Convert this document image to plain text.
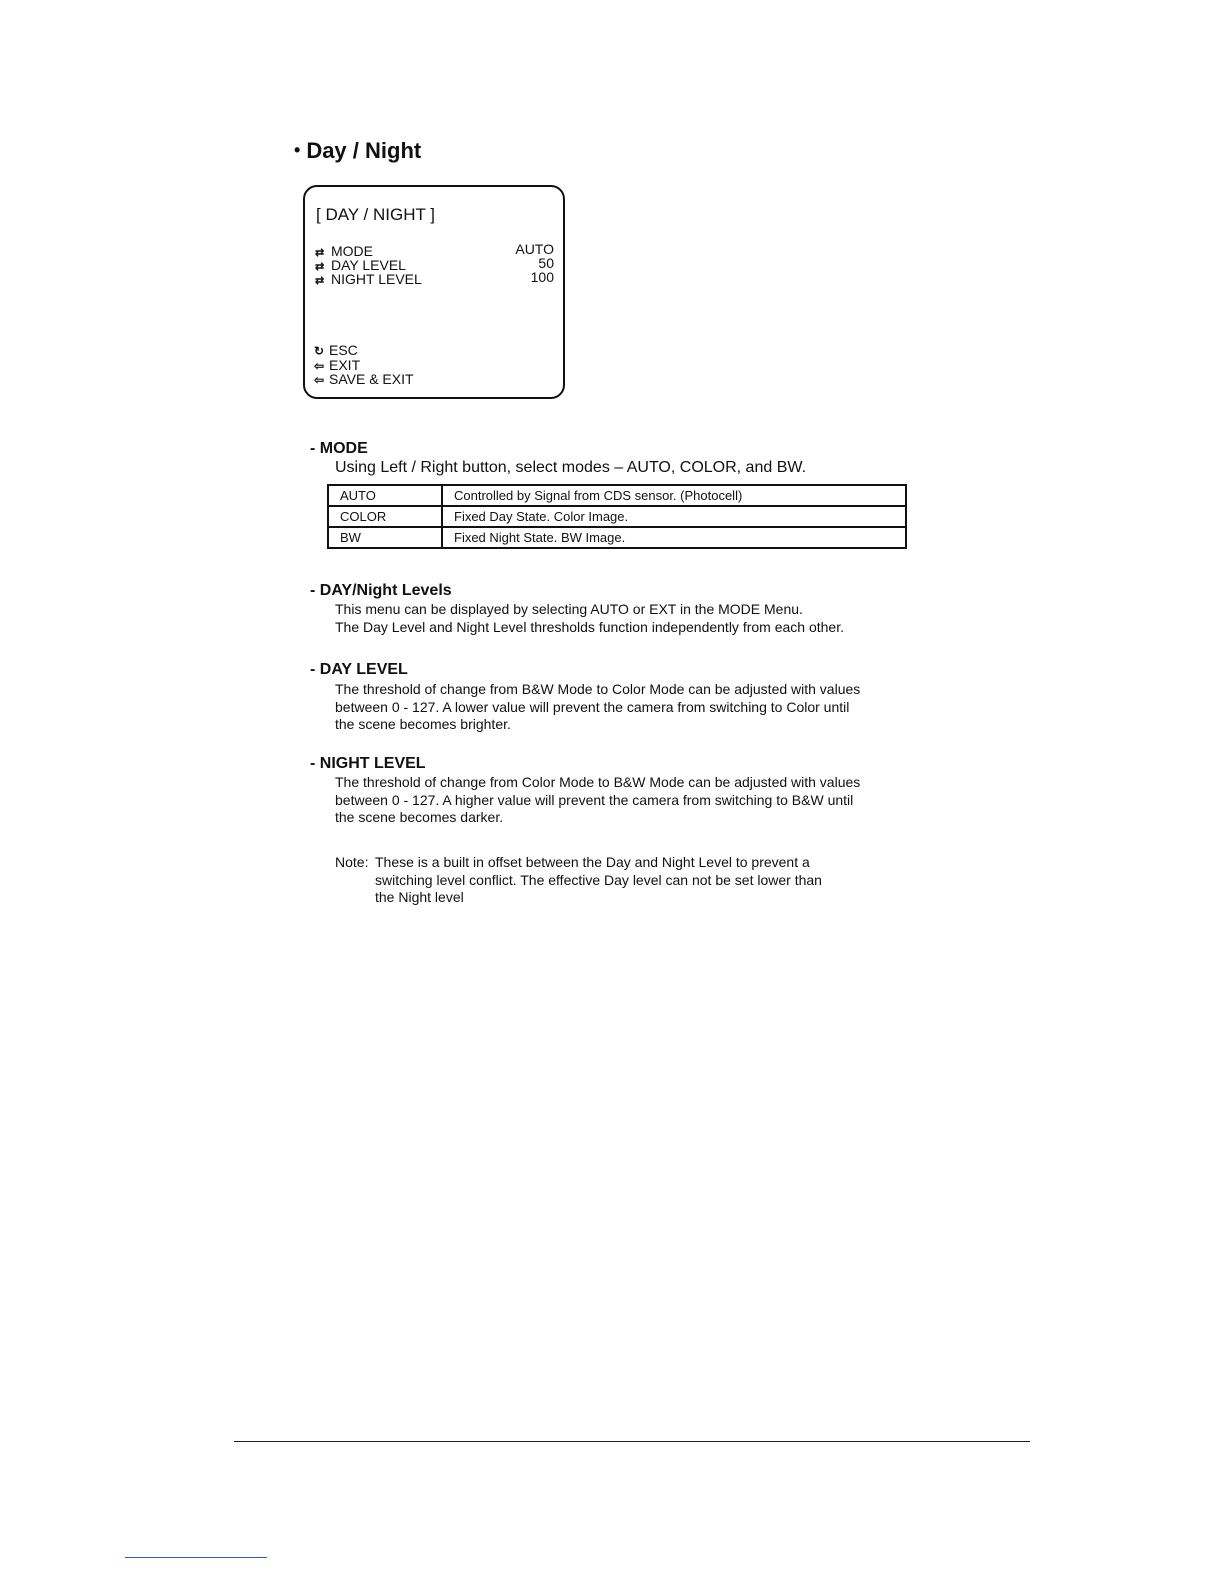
• Day / Night
[ DAY / NIGHT ]
⇄ MODE	AUTO
⇄ DAY LEVEL	50
⇄ NIGHT LEVEL	100
↻ ESC
⇦ EXIT
⇦ SAVE & EXIT
- MODE
Using Left / Right button, select modes – AUTO, COLOR, and BW.
AUTO	Controlled by Signal from CDS sensor. (Photocell)
COLOR	Fixed Day State. Color Image.
BW	Fixed Night State. BW Image.
- DAY/Night Levels
This menu can be displayed by selecting AUTO or EXT in the MODE Menu.
The Day Level and Night Level thresholds function independently from each other.
- DAY LEVEL
The threshold of change from B&W Mode to Color Mode can be adjusted with values
between 0 - 127. A lower value will prevent the camera from switching to Color until
the scene becomes brighter.
- NIGHT LEVEL
The threshold of change from Color Mode to B&W Mode can be adjusted with values
between 0 - 127. A higher value will prevent the camera from switching to B&W until
the scene becomes darker.
Note: These is a built in offset between the Day and Night Level to prevent a
switching level conflict. The effective Day level can not be set lower than
the Night level
